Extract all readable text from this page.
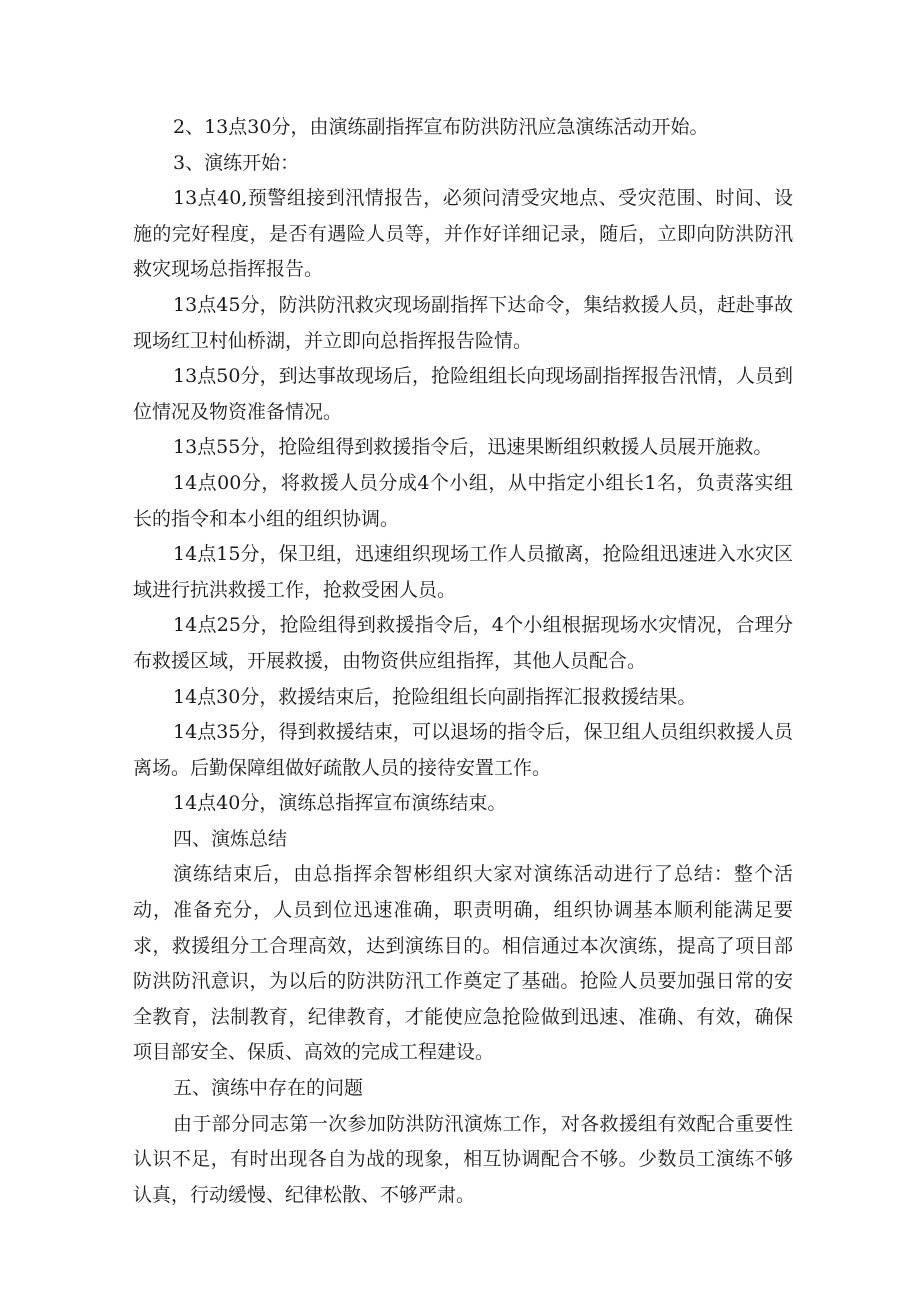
2、13点30分，由演练副指挥宣布防洪防汛应急演练活动开始。

3、演练开始：

13点40,预警组接到汛情报告，必须问清受灾地点、受灾范围、时间、设施的完好程度，是否有遇险人员等，并作好详细记录，随后，立即向防洪防汛救灾现场总指挥报告。

13点45分，防洪防汛救灾现场副指挥下达命令，集结救援人员，赶赴事故现场红卫村仙桥湖，并立即向总指挥报告险情。

13点50分，到达事故现场后，抢险组组长向现场副指挥报告汛情，人员到位情况及物资准备情况。

13点55分，抢险组得到救援指令后，迅速果断组织敕援人员展开施救。

14点00分，将救援人员分成4个小组，从中指定小组长1名，负责落实组长的指令和本小组的组织协调。

14点15分，保卫组，迅速组织现场工作人员撤离，抢险组迅速进入水灾区域进行抗洪救援工作，抢救受困人员。

14点25分，抢险组得到救援指令后，4个小组根据现场水灾情况，合理分布救援区域，开展救援，由物资供应组指挥，其他人员配合。

14点30分，救援结束后，抢险组组长向副指挥汇报救援结果。

14点35分，得到救援结束，可以退场的指令后，保卫组人员组织救援人员离场。后勤保障组做好疏散人员的接待安置工作。

14点40分，演练总指挥宣布演练结束。

四、演炼总结

演练结束后，由总指挥余智彬组织大家对演练活动进行了总结：整个活动，准备充分，人员到位迅速准确，职责明确，组织协调基本顺利能满足要求，救援组分工合理高效，达到演练目的。相信通过本次演练，提高了项目部防洪防汛意识，为以后的防洪防汛工作奠定了基础。抢险人员要加强日常的安全教育，法制教育，纪律教育，才能使应急抢险做到迅速、准确、有效，确保项目部安全、保质、高效的完成工程建设。

五、演练中存在的问题

由于部分同志第一次参加防洪防汛演炼工作，对各救援组有效配合重要性认识不足，有时出现各自为战的现象，相互协调配合不够。少数员工演练不够认真，行动缓慢、纪律松散、不够严肃。
